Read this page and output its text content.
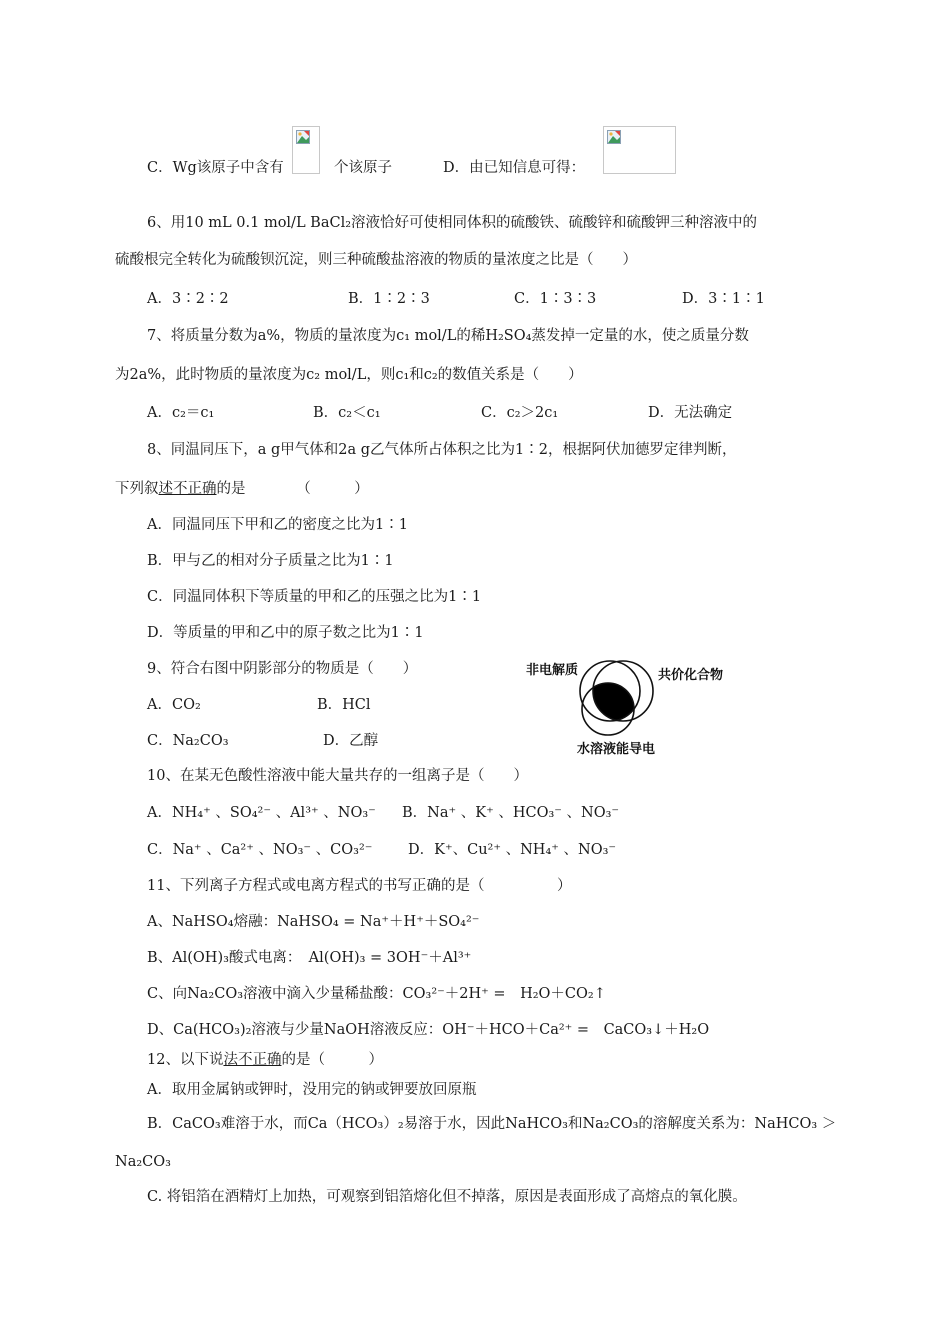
C．Wg该原子中含有	个该原子	D．由已知信息可得：
6、用10 mL 0.1 mol/L BaCl₂溶液恰好可使相同体积的硫酸铁、硫酸锌和硫酸钾三种溶液中的
硫酸根完全转化为硫酸钡沉淀，则三种硫酸盐溶液的物质的量浓度之比是（　　）
A．3∶2∶2	B．1∶2∶3	C．1∶3∶3	D．3∶1∶1
7、将质量分数为a%，物质的量浓度为c₁ mol/L的稀H₂SO₄蒸发掉一定量的水，使之质量分数
为2a%，此时物质的量浓度为c₂ mol/L，则c₁和c₂的数值关系是（　　）
A．c₂＝c₁	B．c₂＜c₁	C．c₂＞2c₁	D．无法确定
8、同温同压下，a g甲气体和2a g乙气体所占体积之比为1∶2，根据阿伏加德罗定律判断，
下列叙述不正确的是　　　　（　　　）
A．同温同压下甲和乙的密度之比为1∶1
B．甲与乙的相对分子质量之比为1∶1
C．同温同体积下等质量的甲和乙的压强之比为1∶1
D．等质量的甲和乙中的原子数之比为1∶1
9、符合右图中阴影部分的物质是（　　）
A．CO₂	B．HCl
C．Na₂CO₃	D．乙醇
非电解质	共价化合物
水溶液能导电
10、在某无色酸性溶液中能大量共存的一组离子是（　　）
A．NH₄⁺ 、SO₄²⁻ 、Al³⁺ 、NO₃⁻ B．Na⁺ 、K⁺ 、HCO₃⁻ 、NO₃⁻
C．Na⁺ 、Ca²⁺ 、NO₃⁻ 、CO₃²⁻ D．K⁺、Cu²⁺ 、NH₄⁺ 、NO₃⁻
11、下列离子方程式或电离方程式的书写正确的是（　　　　　）
A、NaHSO₄熔融：NaHSO₄ = Na⁺＋H⁺＋SO₄²⁻
B、Al(OH)₃酸式电离：　Al(OH)₃ = 3OH⁻＋Al³⁺
C、向Na₂CO₃溶液中滴入少量稀盐酸：CO₃²⁻＋2H⁺ =　H₂O＋CO₂↑
D、Ca(HCO₃)₂溶液与少量NaOH溶液反应：OH⁻＋HCO＋Ca²⁺ =　CaCO₃↓＋H₂O
12、以下说法不正确的是（　　　）
A．取用金属钠或钾时，没用完的钠或钾要放回原瓶
B．CaCO₃难溶于水，而Ca（HCO₃）₂易溶于水，因此NaHCO₃和Na₂CO₃的溶解度关系为：NaHCO₃ ＞
Na₂CO₃
C. 将铝箔在酒精灯上加热，可观察到铝箔熔化但不掉落，原因是表面形成了高熔点的氧化膜。
